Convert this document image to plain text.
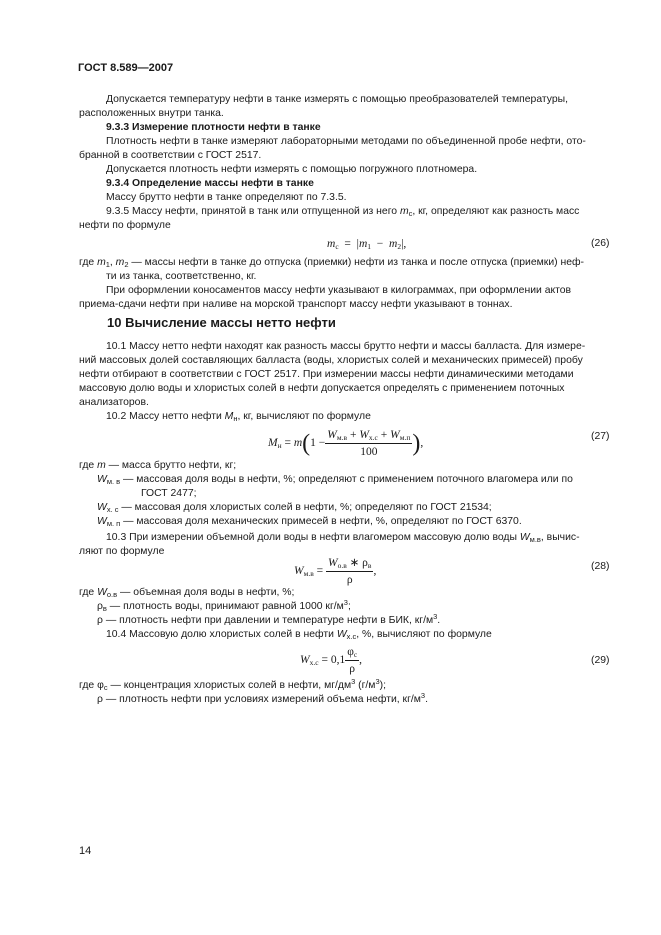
ГОСТ 8.589—2007
Допускается температуру нефти в танке измерять с помощью преобразователей температуры,
расположенных внутри танка.
9.3.3 Измерение плотности нефти в танке
Плотность нефти в танке измеряют лабораторными методами по объединенной пробе нефти, ото-
бранной в соответствии с ГОСТ 2517.
Допускается плотность нефти измерять с помощью погружного плотномера.
9.3.4 Определение массы нефти в танке
Массу брутто нефти в танке определяют по 7.3.5.
9.3.5 Массу нефти, принятой в танк или отпущенной из него $m_с$, кг, определяют как разность масс
нефти по формуле
$m_с = |m_1 - m_2|$,	(26)
где $m_1$, $m_2$ — массы нефти в танке до отпуска (приемки) нефти из танка и после отпуска (приемки) неф-
ти из танка, соответственно, кг.
При оформлении коносаментов массу нефти указывают в килограммах, при оформлении актов
приема-сдачи нефти при наливе на морской транспорт массу нефти указывают в тоннах.
10 Вычисление массы нетто нефти
10.1 Массу нетто нефти находят как разность массы брутто нефти и массы балласта. Для измере-
ний массовых долей составляющих балласта (воды, хлористых солей и механических примесей) пробу
нефти отбирают в соответствии с ГОСТ 2517. При измерении массы нефти динамическими методами
массовую долю воды и хлористых солей в нефти допускается определять с применением поточных
анализаторов.
10.2 Массу нетто нефти $M_н$, кг, вычисляют по формуле
$M_н = m(1 - \frac{W_{м.в} + W_{х.с} + W_{м.п}}{100}$ ),
(27)
где m — масса брутто нефти, кг;
$W_{м. в}$ — массовая доля воды в нефти, %; определяют с применением поточного влагомера или по
ГОСТ 2477;
$W_{х. с}$ — массовая доля хлористых солей в нефти, %; определяют по ГОСТ 21534;
$W_{м. п}$ — массовая доля механических примесей в нефти, %, определяют по ГОСТ 6370.
10.3 При измерении объемной доли воды в нефти влагомером массовую долю воды $W_{м.в}$, вычис-
ляют по формуле
$W_{м.в} = \frac{W_{о.в} ∗ \rho_в}{\rho}$ ,	(28)
где $W_{о.в}$ — объемная доля воды в нефти, %;
$\rho_в$ — плотность воды, принимают равной 1000 $кг/м^3$;
ρ — плотность нефти при давлении и температуре нефти в БИК, $кг/м^3$.
10.4 Массовую долю хлористых солей в нефти $W_{х.с}$, %, вычисляют по формуле
$W_{х.с} = 0,1 \frac{\varphi_с}{\rho}$ ,	(29)
где $\varphi_с$ — концентрация хлористых солей в нефти, $мг/дм^3$ $(г/м^3)$;
ρ — плотность нефти при условиях измерений объема нефти, $кг/м^3$.
14
